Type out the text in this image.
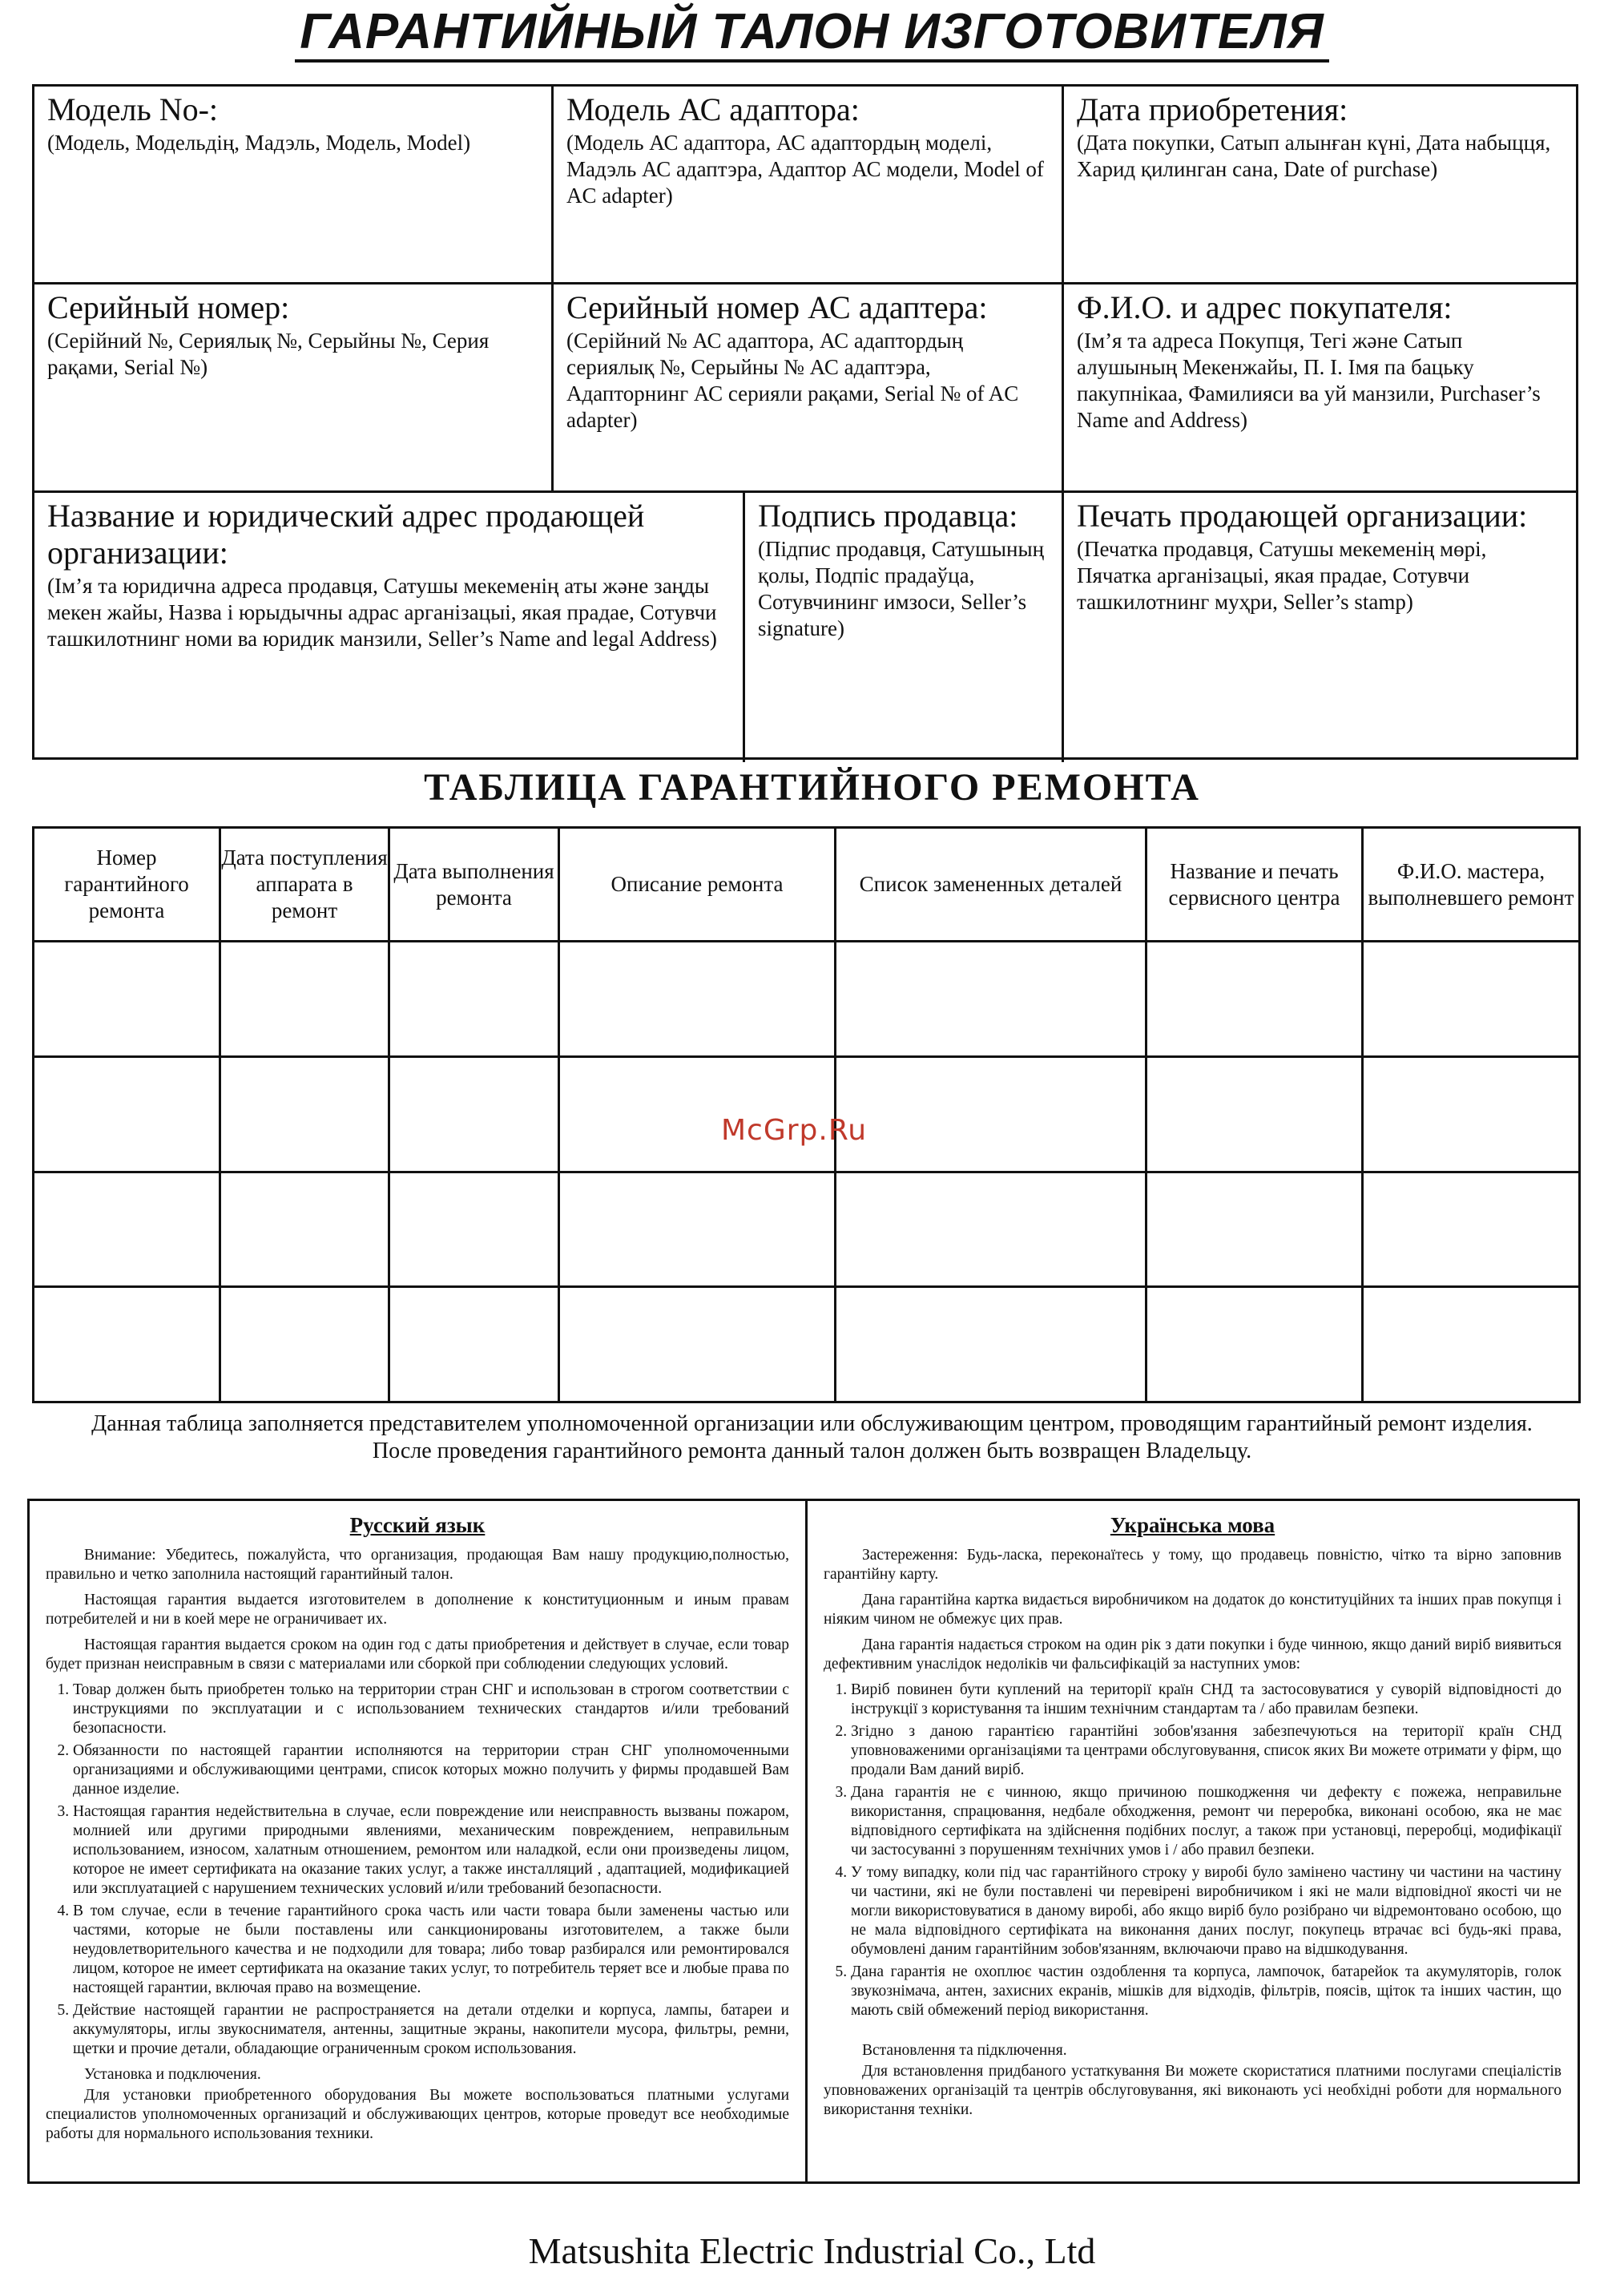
ГАРАНТИЙНЫЙ ТАЛОН ИЗГОТОВИТЕЛЯ

Модель No-:

(Модель, Модельдің, Мадэль, Модель, Model)

Модель АС адаптора:

(Модель АС адаптора, АС адаптордың моделі, Мадэль АС адаптэра, Адаптор АС модели, Model of AC adapter)

Дата приобретения:

(Дата покупки, Сатып алынған күні, Дата набыцця, Харид қилинган сана, Date of purchase)

Серийный номер:

(Серійний №, Сериялық №, Серыйны №, Серия рақами, Serial №)

Серийный номер АС адаптера:

(Серійний № АС адаптора, АС адаптордың сериялық №, Серыйны № АС адаптэра, Адапторнинг АС серияли рақами, Serial № of AC adapter)

Ф.И.О. и адрес покупателя:

(Ім’я та адреса Покупця, Тегі және Сатып алушының Мекенжайы, П. І. Імя па бацьку пакупнікаа, Фамилияси ва уй манзили, Purchaser’s Name and Address)

Название и юридический адрес продающей организации:

(Ім’я та юридична адреса продавця, Сатушы мекеменің аты және заңды мекен жайы, Назва і юрыдычны адрас арганізацыі, якая прадае, Сотувчи ташкилотнинг номи ва юридик манзили, Seller’s Name and legal Address)

Подпись продавца:

(Підпис продавця, Сатушының қолы, Подпіс прадаўца, Сотувчининг имзоси, Seller’s signature)

Печать продающей организации:

(Печатка продавця, Сатушы мекеменің мөрі, Пячатка арганізацыі, якая прадае, Сотувчи ташкилотнинг муҳри, Seller’s stamp)

ТАБЛИЦА ГАРАНТИЙНОГО РЕМОНТА
Номер гарантийного ремонта	Дата поступления аппарата в ремонт	Дата выполнения ремонта	Описание ремонта	Список замененных деталей	Название и печать сервисного центра	Ф.И.О. мастера, выполневшего ремонт

McGrp.Ru
Данная таблица заполняется представителем уполномоченной организации или обслуживающим центром, проводящим гарантийный ремонт изделия.
После проведения гарантийного ремонта данный талон должен быть возвращен Владельцу.
Русский язык

Внимание: Убедитесь, пожалуйста, что организация, продающая Вам нашу продукцию,полностью, правильно и четко заполнила настоящий гарантийный талон.

Настоящая гарантия выдается изготовителем в дополнение к конституционным и иным правам потребителей и ни в коей мере не ограничивает их.

Настоящая гарантия выдается сроком на один год с даты приобретения и действует в случае, если товар будет признан неисправным в связи с материалами или сборкой при соблюдении следующих условий.

1. Товар должен быть приобретен только на территории стран СНГ и использован в строгом соответствии с инструкциями по эксплуатации и с использованием технических стандартов и/или требований безопасности.
2. Обязанности по настоящей гарантии исполняются на территории стран СНГ уполномоченными организациями и обслуживающими центрами, список которых можно получить у фирмы продавшей Вам данное изделие.
3. Настоящая гарантия недействительна в случае, если повреждение или неисправность вызваны пожаром, молнией или другими природными явлениями, механическим повреждением, неправильным использованием, износом, халатным отношением, ремонтом или наладкой, если они произведены лицом, которое не имеет сертификата на оказание таких услуг, а также инсталляций , адаптацией, модификацией или эксплуатацией с нарушением технических условий и/или требований безопасности.
4. В том случае, если в течение гарантийного срока часть или части товара были заменены частью или частями, которые не были поставлены или санкционированы изготовителем, а также были неудовлетворительного качества и не подходили для товара; либо товар разбирался или ремонтировался лицом, которое не имеет сертификата на оказание таких услуг, то потребитель теряет все и любые права по настоящей гарантии, включая право на возмещение.
5. Действие настоящей гарантии не распространяется на детали отделки и корпуса, лампы, батареи и аккумуляторы, иглы звукоснимателя, антенны, защитные экраны, накопители мусора, фильтры, ремни, щетки и прочие детали, обладающие ограниченным сроком использования.

Установка и подключения.

Для установки приобретенного оборудования Вы можете воспользоваться платными услугами специалистов уполномоченных организаций и обслуживающих центров, которые проведут все необходимые работы для нормального использования техники.

Українська мова

Застереження: Будь-ласка, переконаїтесь у тому, що продавець повністю, чітко та вірно заповнив гарантійну карту.

Дана гарантійна картка видається виробничиком на додаток до конституційних та інших прав покупця і ніяким чином не обмежує цих прав.

Дана гарантія надається строком на один рік з дати покупки і буде чинною, якщо даний виріб виявиться дефективним унаслідок недоліків чи фальсифікацій за наступних умов:

1. Виріб повинен бути куплений на території країн СНД та застосовуватися у суворій відповідності до інструкції з користування та іншим технічним стандартам та / або правилам безпеки.
2. Згідно з даною гарантією гарантійні зобов'язання забезпечуються на території країн СНД уповноваженими організаціями та центрами обслуговування, список яких Ви можете отримати у фірм, що продали Вам даний виріб.
3. Дана гарантія не є чинною, якщо причиною пошкодження чи дефекту є пожежа, неправильне використання, спрацювання, недбале обходження, ремонт чи переробка, виконані особою, яка не має відповідного сертифіката на здійснення подібних послуг, а також при установці, переробці, модифікації чи застосуванні з порушенням технічних умов і / або правил безпеки.
4. У тому випадку, коли під час гарантійного строку у виробі було замінено частину чи частини на частину чи частини, які не були поставлені чи перевірені виробничиком і які не мали відповідної якості чи не могли використовуватися в даному виробі, або якщо виріб було розібрано чи відремонтовано особою, що не мала відповідного сертифіката на виконання даних послуг, покупець втрачає всі будь-які права, обумовлені даним гарантійним зобов'язанням, включаючи право на відшкодування.
5. Дана гарантія не охоплює частин оздоблення та корпуса, лампочок, батарейок та акумуляторів, голок звукознімача, антен, захисних екранів, мішків для відходів, фільтрів, поясів, щіток та інших частин, що мають свій обмежений період використання.

Встановлення та підключення.

Для встановлення придбаного устаткування Ви можете скористатися платними послугами спеціалістів уповноважених організацій та центрів обслуговування, які виконають усі необхідні роботи для нормального використання техніки.

Matsushita Electric Industrial Co., Ltd
